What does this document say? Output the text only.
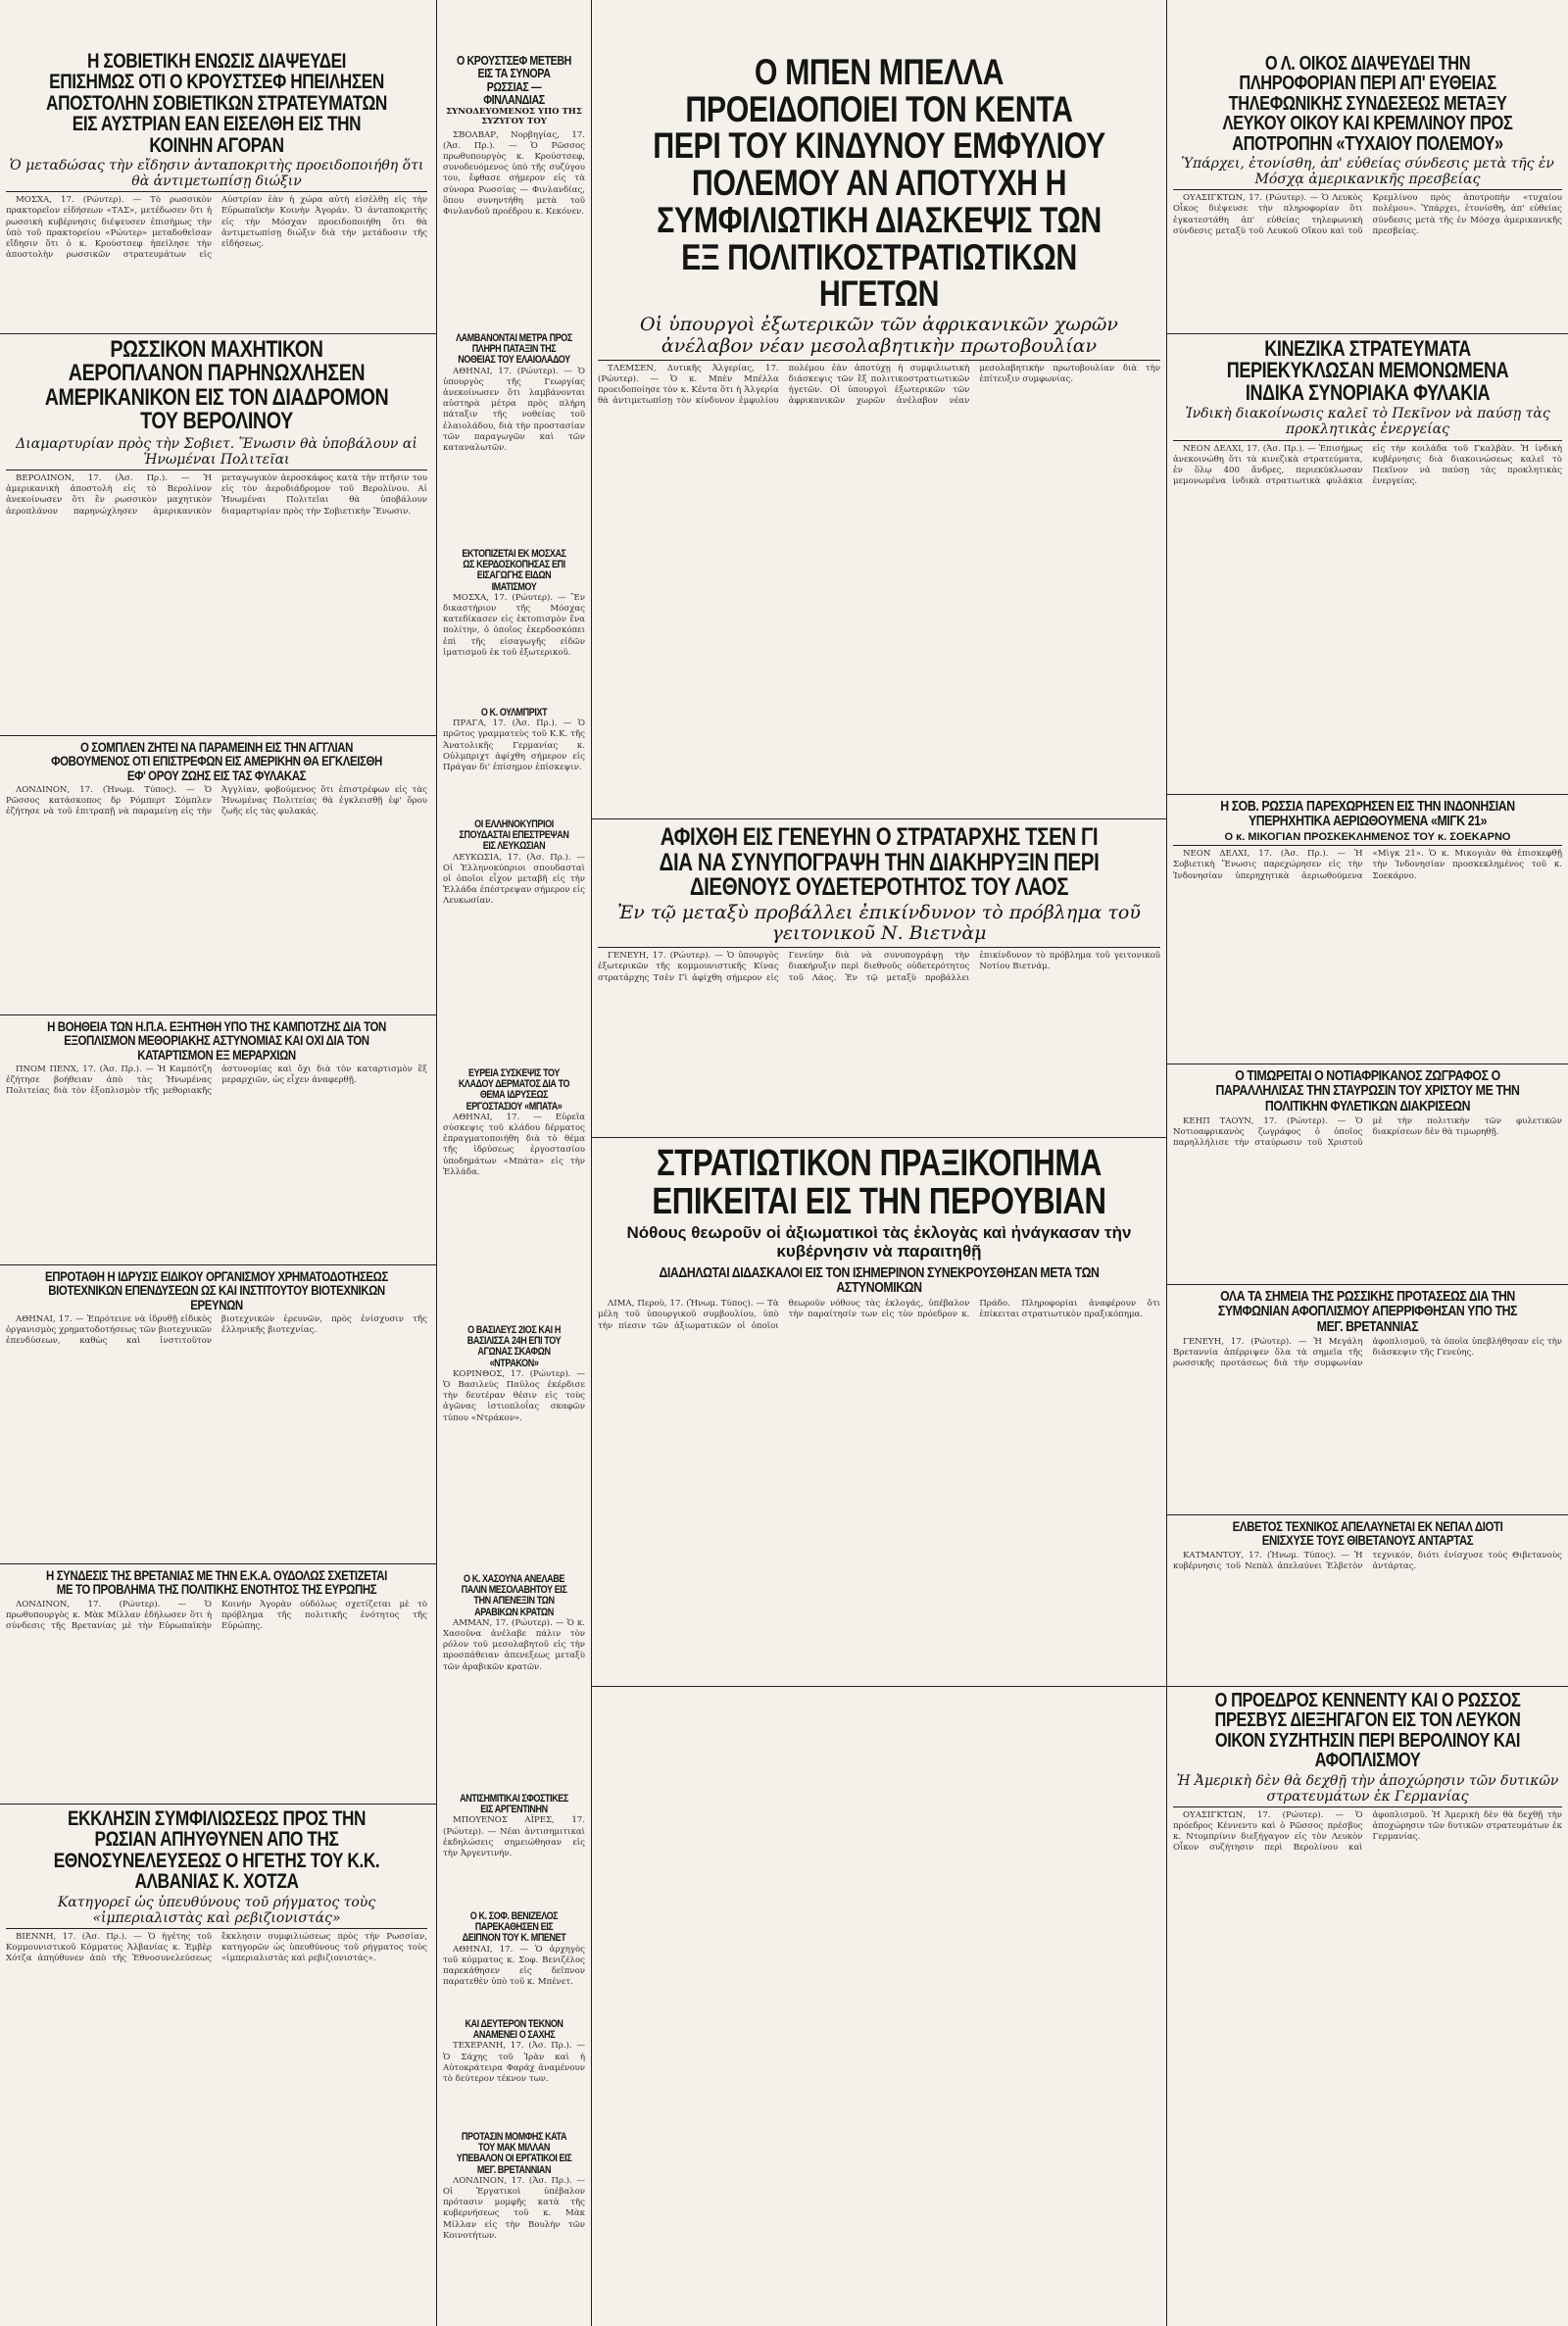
Η ΣΟΒΙΕΤΙΚΗ ΕΝΩΣΙΣ ΔΙΑΨΕΥΔΕΙ ΕΠΙΣΗΜΩΣ ΟΤΙ Ο ΚΡΟΥΣΤΣΕΦ ΗΠΕΙΛΗΣΕΝ ΑΠΟΣΤΟΛΗΝ ΣΟΒΙΕΤΙΚΩΝ ΣΤΡΑΤΕΥΜΑΤΩΝ ΕΙΣ ΑΥΣΤΡΙΑΝ ΕΑΝ ΕΙΣΕΛΘΗ ΕΙΣ ΤΗΝ ΚΟΙΝΗΝ ΑΓΟΡΑΝ
Ὁ μεταδώσας τὴν εἴδησιν ἀνταποκριτὴς προειδοποιήθη ὅτι θὰ ἀντιμετωπίσῃ διώξιν

ΜΟΣΧΑ, 17. (Ρώυτερ). — Τὸ ρωσσικὸν πρακτορεῖον εἰδήσεων «ΤΑΣ», μετέδωσεν ὅτι ἡ ρωσσικὴ κυβέρνησις διέψευσεν ἐπισήμως τὴν ὑπὸ τοῦ πρακτορείου «Ρώυτερ» μεταδοθεῖσαν εἴδησιν ὅτι ὁ κ. Κρούστσεφ ἠπείλησε τὴν ἀποστολὴν ρωσσικῶν στρατευμάτων εἰς Αὐστρίαν ἐὰν ἡ χώρα αὐτὴ εἰσέλθῃ εἰς τὴν Εὐρωπαϊκὴν Κοινὴν Ἀγοράν. Ὁ ἀνταποκριτὴς εἰς τὴν Μόσχαν προειδοποιήθη ὅτι θὰ ἀντιμετωπίσῃ διώξιν διὰ τὴν μετάδοσιν τῆς εἰδήσεως.

Ο ΚΡΟΥΣΤΣΕΦ ΜΕΤΕΒΗ ΕΙΣ ΤΑ ΣΥΝΟΡΑ ΡΩΣΣΙΑΣ — ΦΙΝΛΑΝΔΙΑΣ
ΣΥΝΟΔΕΥΟΜΕΝΟΣ ΥΠΟ ΤΗΣ ΣΥΖΥΓΟΥ ΤΟΥ

ΣΒΟΛΒΑΡ, Νορβηγίας, 17. (Ἀσ. Πρ.). — Ὁ Ρῶσσος πρωθυπουργὸς κ. Κρούστσεφ, συνοδευόμενος ὑπὸ τῆς συζύγου του, ἔφθασε σήμερον εἰς τὰ σύνορα Ρωσσίας — Φινλανδίας, ὅπου συνηντήθη μετὰ τοῦ Φινλανδοῦ προέδρου κ. Κεκόνεν.

ΛΑΜΒΑΝΟΝΤΑΙ ΜΕΤΡΑ ΠΡΟΣ ΠΛΗΡΗ ΠΑΤΑΞΙΝ ΤΗΣ ΝΟΘΕΙΑΣ ΤΟΥ ΕΛΑΙΟΛΑΔΟΥ

ΑΘΗΝΑΙ, 17. (Ρώυτερ). — Ὁ ὑπουργὸς τῆς Γεωργίας ἀνεκοίνωσεν ὅτι λαμβάνονται αὐστηρὰ μέτρα πρὸς πλήρη πάταξιν τῆς νοθείας τοῦ ἐλαιολάδου, διὰ τὴν προστασίαν τῶν παραγωγῶν καὶ τῶν καταναλωτῶν.

ΡΩΣΣΙΚΟΝ ΜΑΧΗΤΙΚΟΝ ΑΕΡΟΠΛΑΝΟΝ ΠΑΡΗΝΩΧΛΗΣΕΝ ΑΜΕΡΙΚΑΝΙΚΟΝ ΕΙΣ ΤΟΝ ΔΙΑΔΡΟΜΟΝ ΤΟΥ ΒΕΡΟΛΙΝΟΥ
Διαμαρτυρίαν πρὸς τὴν Σοβιετ. Ἕνωσιν θὰ ὑποβάλουν αἱ Ἡνωμέναι Πολιτεῖαι

ΒΕΡΟΛΙΝΟΝ, 17. (Ἀσ. Πρ.). — Ἡ ἀμερικανικὴ ἀποστολὴ εἰς τὸ Βερολίνον ἀνεκοίνωσεν ὅτι ἓν ρωσσικὸν μαχητικὸν ἀεροπλάνον παρηνώχλησεν ἀμερικανικὸν μεταγωγικὸν ἀεροσκάφος κατὰ τὴν πτῆσιν του εἰς τὸν ἀεροδιάδρομον τοῦ Βερολίνου. Αἱ Ἡνωμέναι Πολιτεῖαι θὰ ὑποβάλουν διαμαρτυρίαν πρὸς τὴν Σοβιετικὴν Ἕνωσιν.

ΕΚΤΟΠΙΖΕΤΑΙ ΕΚ ΜΟΣΧΑΣ ΩΣ ΚΕΡΔΟΣΚΟΠΗΣΑΣ ΕΠΙ ΕΙΣΑΓΩΓΗΣ ΕΙΔΩΝ ΙΜΑΤΙΣΜΟΥ

ΜΟΣΧΑ, 17. (Ρώυτερ). — Ἓν δικαστήριον τῆς Μόσχας κατεδίκασεν εἰς ἐκτοπισμὸν ἕνα πολίτην, ὁ ὁποῖος ἐκερδοσκόπει ἐπὶ τῆς εἰσαγωγῆς εἰδῶν ἱματισμοῦ ἐκ τοῦ ἐξωτερικοῦ.

Ο Κ. ΟΥΛΜΠΡΙΧΤ

ΠΡΑΓΑ, 17. (Ἀσ. Πρ.). — Ὁ πρῶτος γραμματεὺς τοῦ Κ.Κ. τῆς Ἀνατολικῆς Γερμανίας κ. Οὐλμπριχτ ἀφίχθη σήμερον εἰς Πράγαν δι' ἐπίσημον ἐπίσκεψιν.

ΟΙ ΕΛΛΗΝΟΚΥΠΡΙΟΙ ΣΠΟΥΔΑΣΤΑΙ ΕΠΕΣΤΡΕΨΑΝ ΕΙΣ ΛΕΥΚΩΣΙΑΝ

ΛΕΥΚΩΣΙΑ, 17. (Ἀσ. Πρ.). — Οἱ Ἑλληνοκύπριοι σπουδασταὶ οἱ ὁποῖοι εἶχον μεταβῆ εἰς τὴν Ἑλλάδα ἐπέστρεψαν σήμερον εἰς Λευκωσίαν.

Ο ΣΟΜΠΛΕΝ ΖΗΤΕΙ ΝΑ ΠΑΡΑΜΕΙΝΗ ΕΙΣ ΤΗΝ ΑΓΓΛΙΑΝ ΦΟΒΟΥΜΕΝΟΣ ΟΤΙ ΕΠΙΣΤΡΕΦΩΝ ΕΙΣ ΑΜΕΡΙΚΗΝ ΘΑ ΕΓΚΛΕΙΣΘΗ ΕΦ' ΟΡΟΥ ΖΩΗΣ ΕΙΣ ΤΑΣ ΦΥΛΑΚΑΣ

ΛΟΝΔΙΝΟΝ, 17. (Ἡνωμ. Τύπος). — Ὁ Ρῶσσος κατάσκοπος δρ Ρόμπερτ Σόμπλεν ἐζήτησε νὰ τοῦ ἐπιτραπῇ νὰ παραμείνῃ εἰς τὴν Ἀγγλίαν, φοβούμενος ὅτι ἐπιστρέφων εἰς τὰς Ἡνωμένας Πολιτείας θὰ ἐγκλεισθῇ ἐφ' ὅρου ζωῆς εἰς τὰς φυλακάς.

ΕΥΡΕΙΑ ΣΥΣΚΕΨΙΣ ΤΟΥ ΚΛΑΔΟΥ ΔΕΡΜΑΤΟΣ ΔΙΑ ΤΟ ΘΕΜΑ ΙΔΡΥΣΕΩΣ ΕΡΓΟΣΤΑΣΙΟΥ «ΜΠΑΤΑ»

ΑΘΗΝΑΙ, 17. — Εὐρεῖα σύσκεψις τοῦ κλάδου δέρματος ἐπραγματοποιήθη διὰ τὸ θέμα τῆς ἱδρύσεως ἐργοστασίου ὑποδημάτων «Μπάτα» εἰς τὴν Ἑλλάδα.

Η ΒΟΗΘΕΙΑ ΤΩΝ Η.Π.Α. ΕΞΗΤΗΘΗ ΥΠΟ ΤΗΣ ΚΑΜΠΟΤΖΗΣ ΔΙΑ ΤΟΝ ΕΞΟΠΛΙΣΜΟΝ ΜΕΘΟΡΙΑΚΗΣ ΑΣΤΥΝΟΜΙΑΣ ΚΑΙ ΟΧΙ ΔΙΑ ΤΟΝ ΚΑΤΑΡΤΙΣΜΟΝ ΕΞ ΜΕΡΑΡΧΙΩΝ

ΠΝΟΜ ΠΕΝΧ, 17. (Ἀσ. Πρ.). — Ἡ Καμπότζη ἐζήτησε βοήθειαν ἀπὸ τὰς Ἡνωμένας Πολιτείας διὰ τὸν ἐξοπλισμὸν τῆς μεθοριακῆς ἀστυνομίας καὶ ὄχι διὰ τὸν καταρτισμὸν ἓξ μεραρχιῶν, ὡς εἶχεν ἀναφερθῇ.

Ο ΒΑΣΙΛΕΥΣ 2ΙΟΣ ΚΑΙ Η ΒΑΣΙΛΙΣΣΑ 24Η ΕΠΙ ΤΟΥ ΑΓΩΝΑΣ ΣΚΑΦΩΝ «ΝΤΡΑΚΟΝ»

ΚΟΡΙΝΘΟΣ, 17. (Ρώυτερ). — Ὁ Βασιλεὺς Παῦλος ἐκέρδισε τὴν δευτέραν θέσιν εἰς τοὺς ἀγῶνας ἱστιοπλοΐας σκαφῶν τύπου «Ντράκον».

ΕΠΡΟΤΑΘΗ Η ΙΔΡΥΣΙΣ ΕΙΔΙΚΟΥ ΟΡΓΑΝΙΣΜΟΥ ΧΡΗΜΑΤΟΔΟΤΗΣΕΩΣ ΒΙΟΤΕΧΝΙΚΩΝ ΕΠΕΝΔΥΣΕΩΝ ΩΣ ΚΑΙ ΙΝΣΤΙΤΟΥΤΟΥ ΒΙΟΤΕΧΝΙΚΩΝ ΕΡΕΥΝΩΝ

ΑΘΗΝΑΙ, 17. — Ἐπρότεινε νὰ ἱδρυθῇ εἰδικὸς ὀργανισμὸς χρηματοδοτήσεως τῶν βιοτεχνικῶν ἐπενδύσεων, καθὼς καὶ ἰνστιτοῦτον βιοτεχνικῶν ἐρευνῶν, πρὸς ἐνίσχυσιν τῆς ἑλληνικῆς βιοτεχνίας.

Ο Κ. ΧΑΣΟΥΝΑ ΑΝΕΛΑΒΕ ΠΑΛΙΝ ΜΕΣΟΛΑΒΗΤΟΥ ΕΙΣ ΤΗΝ ΑΠΕΝΕΞΙΝ ΤΩΝ ΑΡΑΒΙΚΩΝ ΚΡΑΤΩΝ

ΑΜΜΑΝ, 17. (Ρώυτερ). — Ὁ κ. Χασοῦνα ἀνέλαβε πάλιν τὸν ρόλον τοῦ μεσολαβητοῦ εἰς τὴν προσπάθειαν ἀπενεξεως μεταξὺ τῶν ἀραβικῶν κρατῶν.

Η ΣΥΝΔΕΣΙΣ ΤΗΣ ΒΡΕΤΑΝΙΑΣ ΜΕ ΤΗΝ Ε.Κ.Α. ΟΥΔΟΛΩΣ ΣΧΕΤΙΖΕΤΑΙ ΜΕ ΤΟ ΠΡΟΒΛΗΜΑ ΤΗΣ ΠΟΛΙΤΙΚΗΣ ΕΝΟΤΗΤΟΣ ΤΗΣ ΕΥΡΩΠΗΣ

ΛΟΝΔΙΝΟΝ, 17. (Ρώυτερ). — Ὁ πρωθυπουργὸς κ. Μὰκ Μίλλαν ἐδήλωσεν ὅτι ἡ σύνδεσις τῆς Βρετανίας μὲ τὴν Εὐρωπαϊκὴν Κοινὴν Ἀγορὰν οὐδόλως σχετίζεται μὲ τὸ πρόβλημα τῆς πολιτικῆς ἑνότητος τῆς Εὐρώπης.

ΑΝΤΙΣΗΜΙΤΙΚΑΙ ΣΦΟΣΤΙΚΕΣ ΕΙΣ ΑΡΓΕΝΤΙΝΗΝ

ΜΠΟΥΕΝΟΣ ΑΪΡΕΣ, 17. (Ρώυτερ). — Νέαι ἀντισημιτικαὶ ἐκδηλώσεις σημειώθησαν εἰς τὴν Ἀργεντινήν.

Ο Κ. ΣΟΦ. ΒΕΝΙΖΕΛΟΣ ΠΑΡΕΚΑΘΗΣΕΝ ΕΙΣ ΔΕΙΠΝΟΝ ΤΟΥ Κ. ΜΠΕΝΕΤ

ΑΘΗΝΑΙ, 17. — Ὁ ἀρχηγὸς τοῦ κόμματος κ. Σοφ. Βενιζέλος παρεκάθησεν εἰς δεῖπνον παρατεθὲν ὑπὸ τοῦ κ. Μπένετ.

ΚΑΙ ΔΕΥΤΕΡΟΝ ΤΕΚΝΟΝ ΑΝΑΜΕΝΕΙ Ο ΣΑΧΗΣ

ΤΕΧΕΡΑΝΗ, 17. (Ἀσ. Πρ.). — Ὁ Σάχης τοῦ Ἰρὰν καὶ ἡ Αὐτοκράτειρα Φαράχ ἀναμένουν τὸ δεύτερον τέκνον των.

ΕΚΚΛΗΣΙΝ ΣΥΜΦΙΛΙΩΣΕΩΣ ΠΡΟΣ ΤΗΝ ΡΩΣΙΑΝ ΑΠΗΥΘΥΝΕΝ ΑΠΟ ΤΗΣ ΕΘΝΟΣΥΝΕΛΕΥΣΕΩΣ Ο ΗΓΕΤΗΣ ΤΟΥ Κ.Κ. ΑΛΒΑΝΙΑΣ Κ. ΧΟΤΖΑ
Κατηγορεῖ ὡς ὑπευθύνους τοῦ ρήγματος τοὺς «ἰμπεριαλιστὰς καὶ ρεβιζιονιστάς»

ΒΙΕΝΝΗ, 17. (Ἀσ. Πρ.). — Ὁ ἡγέτης τοῦ Κομμουνιστικοῦ Κόμματος Ἀλβανίας κ. Ἐμβὲρ Χότζα ἀπηύθυνεν ἀπὸ τῆς Ἐθνοσυνελεύσεως ἔκκλησιν συμφιλιώσεως πρὸς τὴν Ρωσσίαν, κατηγορῶν ὡς ὑπευθύνους τοῦ ρήγματος τοὺς «ἰμπεριαλιστὰς καὶ ρεβιζιονιστάς».

ΠΡΟΤΑΣΙΝ ΜΟΜΦΗΣ ΚΑΤΑ ΤΟΥ ΜΑΚ ΜΙΛΛΑΝ ΥΠΕΒΑΛΟΝ ΟΙ ΕΡΓΑΤΙΚΟΙ ΕΙΣ ΜΕΓ. ΒΡΕΤΑΝΝΙΑΝ

ΛΟΝΔΙΝΟΝ, 17. (Ἀσ. Πρ.). — Οἱ Ἐργατικοὶ ὑπέβαλον πρότασιν μομφῆς κατὰ τῆς κυβερνήσεως τοῦ κ. Μὰκ Μίλλαν εἰς τὴν Βουλὴν τῶν Κοινοτήτων.

Ο ΜΠΕΝ ΜΠΕΛΛΑ ΠΡΟΕΙΔΟΠΟΙΕΙ ΤΟΝ ΚΕΝΤΑ ΠΕΡΙ ΤΟΥ ΚΙΝΔΥΝΟΥ ΕΜΦΥΛΙΟΥ ΠΟΛΕΜΟΥ ΑΝ ΑΠΟΤΥΧΗ Η ΣΥΜΦΙΛΙΩΤΙΚΗ ΔΙΑΣΚΕΨΙΣ ΤΩΝ ΕΞ ΠΟΛΙΤΙΚΟΣΤΡΑΤΙΩΤΙΚΩΝ ΗΓΕΤΩΝ
Οἱ ὑπουργοὶ ἐξωτερικῶν τῶν ἀφρικανικῶν χωρῶν ἀνέλαβον νέαν μεσολαβητικὴν πρωτοβουλίαν

ΤΛΕΜΣΕΝ, Δυτικῆς Ἀλγερίας, 17. (Ρώυτερ). — Ὁ κ. Μπὲν Μπέλλα προειδοποίησε τὸν κ. Κέντα ὅτι ἡ Ἀλγερία θὰ ἀντιμετωπίσῃ τὸν κίνδυνον ἐμφυλίου πολέμου ἐὰν ἀποτύχῃ ἡ συμφιλιωτικὴ διάσκεψις τῶν ἓξ πολιτικοστρατιωτικῶν ἡγετῶν. Οἱ ὑπουργοὶ ἐξωτερικῶν τῶν ἀφρικανικῶν χωρῶν ἀνέλαβον νέαν μεσολαβητικὴν πρωτοβουλίαν διὰ τὴν ἐπίτευξιν συμφωνίας.

Ο Λ. ΟΙΚΟΣ ΔΙΑΨΕΥΔΕΙ ΤΗΝ ΠΛΗΡΟΦΟΡΙΑΝ ΠΕΡΙ ΑΠ' ΕΥΘΕΙΑΣ ΤΗΛΕΦΩΝΙΚΗΣ ΣΥΝΔΕΣΕΩΣ ΜΕΤΑΞΥ ΛΕΥΚΟΥ ΟΙΚΟΥ ΚΑΙ ΚΡΕΜΛΙΝΟΥ ΠΡΟΣ ΑΠΟΤΡΟΠΗΝ «ΤΥΧΑΙΟΥ ΠΟΛΕΜΟΥ»
Ὑπάρχει, ἐτονίσθη, ἀπ' εὐθείας σύνδεσις μετὰ τῆς ἐν Μόσχᾳ ἀμερικανικῆς πρεσβείας

ΟΥΑΣΙΓΚΤΩΝ, 17. (Ρώυτερ). — Ὁ Λευκὸς Οἶκος διέψευσε τὴν πληροφορίαν ὅτι ἐγκατεστάθη ἀπ' εὐθείας τηλεφωνικὴ σύνδεσις μεταξὺ τοῦ Λευκοῦ Οἴκου καὶ τοῦ Κρεμλίνου πρὸς ἀποτροπὴν «τυχαίου πολέμου». Ὑπάρχει, ἐτονίσθη, ἀπ' εὐθείας σύνδεσις μετὰ τῆς ἐν Μόσχᾳ ἀμερικανικῆς πρεσβείας.

ΚΙΝΕΖΙΚΑ ΣΤΡΑΤΕΥΜΑΤΑ ΠΕΡΙΕΚΥΚΛΩΣΑΝ ΜΕΜΟΝΩΜΕΝΑ ΙΝΔΙΚΑ ΣΥΝΟΡΙΑΚΑ ΦΥΛΑΚΙΑ
Ἰνδικὴ διακοίνωσις καλεῖ τὸ Πεκῖνον νὰ παύσῃ τὰς προκλητικὰς ἐνεργείας

ΝΕΟΝ ΔΕΛΧΙ, 17. (Ἀσ. Πρ.). — Ἐπισήμως ἀνεκοινώθη ὅτι τὰ κινεζικὰ στρατεύματα, ἐν ὅλῳ 400 ἄνδρες, περιεκύκλωσαν μεμονωμένα ἰνδικὰ στρατιωτικὰ φυλάκια εἰς τὴν κοιλάδα τοῦ Γκαλβὰν. Ἡ ἰνδικὴ κυβέρνησις διὰ διακοινώσεως καλεῖ τὸ Πεκῖνον νὰ παύσῃ τὰς προκλητικὰς ἐνεργείας.

Η ΣΟΒ. ΡΩΣΣΙΑ ΠΑΡΕΧΩΡΗΣΕΝ ΕΙΣ ΤΗΝ ΙΝΔΟΝΗΣΙΑΝ ΥΠΕΡΗΧΗΤΙΚΑ ΑΕΡΙΩΘΟΥΜΕΝΑ «ΜΙΓΚ 21»
Ο κ. ΜΙΚΟΓΙΑΝ ΠΡΟΣΚΕΚΛΗΜΕΝΟΣ ΤΟΥ κ. ΣΟΕΚΑΡΝΟ

ΝΕΟΝ ΔΕΛΧΙ, 17. (Ἀσ. Πρ.). — Ἡ Σοβιετικὴ Ἕνωσις παρεχώρησεν εἰς τὴν Ἰνδονησίαν ὑπερηχητικὰ ἀεριωθούμενα «Μὶγκ 21». Ὁ κ. Μικογιὰν θὰ ἐπισκεφθῇ τὴν Ἰνδονησίαν προσκεκλημένος τοῦ κ. Σοεκάρνο.

ΑΦΙΧΘΗ ΕΙΣ ΓΕΝΕΥΗΝ Ο ΣΤΡΑΤΑΡΧΗΣ ΤΣΕΝ ΓΙ ΔΙΑ ΝΑ ΣΥΝΥΠΟΓΡΑΨΗ ΤΗΝ ΔΙΑΚΗΡΥΞΙΝ ΠΕΡΙ ΔΙΕΘΝΟΥΣ ΟΥΔΕΤΕΡΟΤΗΤΟΣ ΤΟΥ ΛΑΟΣ
Ἐν τῷ μεταξὺ προβάλλει ἐπικίνδυνον τὸ πρόβλημα τοῦ γειτονικοῦ Ν. Βιετνὰμ

ΓΕΝΕΥΗ, 17. (Ρώυτερ). — Ὁ ὑπουργὸς ἐξωτερικῶν τῆς κομμουνιστικῆς Κίνας στρατάρχης Τσὲν Γὶ ἀφίχθη σήμερον εἰς Γενεύην διὰ νὰ συνυπογράψῃ τὴν διακήρυξιν περὶ διεθνοῦς οὐδετερότητος τοῦ Λάος. Ἐν τῷ μεταξὺ προβάλλει ἐπικίνδυνον τὸ πρόβλημα τοῦ γειτονικοῦ Νοτίου Βιετνάμ.

ΣΤΡΑΤΙΩΤΙΚΟΝ ΠΡΑΞΙΚΟΠΗΜΑ ΕΠΙΚΕΙΤΑΙ ΕΙΣ ΤΗΝ ΠΕΡΟΥΒΙΑΝ
Νόθους θεωροῦν οἱ ἀξιωματικοὶ τὰς ἐκλογὰς καὶ ἠνάγκασαν τὴν κυβέρνησιν νὰ παραιτηθῇ
ΔΙΑΔΗΛΩΤΑΙ ΔΙΔΑΣΚΑΛΟΙ ΕΙΣ ΤΟΝ ΙΣΗΜΕΡΙΝΟΝ ΣΥΝΕΚΡΟΥΣΘΗΣΑΝ ΜΕΤΑ ΤΩΝ ΑΣΤΥΝΟΜΙΚΩΝ

ΛΙΜΑ, Περοὺ, 17. (Ἡνωμ. Τύπος). — Τὰ μέλη τοῦ ὑπουργικοῦ συμβουλίου, ὑπὸ τὴν πίεσιν τῶν ἀξιωματικῶν οἱ ὁποῖοι θεωροῦν νόθους τὰς ἐκλογάς, ὑπέβαλον τὴν παραίτησίν των εἰς τὸν πρόεδρον κ. Πράδο. Πληροφορίαι ἀναφέρουν ὅτι ἐπίκειται στρατιωτικὸν πραξικόπημα.

Ο ΠΡΟΕΔΡΟΣ ΚΕΝΝΕΝΤΥ ΚΑΙ Ο ΡΩΣΣΟΣ ΠΡΕΣΒΥΣ ΔΙΕΞΗΓΑΓΟΝ ΕΙΣ ΤΟΝ ΛΕΥΚΟΝ ΟΙΚΟΝ ΣΥΖΗΤΗΣΙΝ ΠΕΡΙ ΒΕΡΟΛΙΝΟΥ ΚΑΙ ΑΦΟΠΛΙΣΜΟΥ
Ἡ Ἀμερικὴ δὲν θὰ δεχθῇ τὴν ἀποχώρησιν τῶν δυτικῶν στρατευμάτων ἐκ Γερμανίας

ΟΥΑΣΙΓΚΤΩΝ, 17. (Ρώυτερ). — Ὁ πρόεδρος Κέννεντυ καὶ ὁ Ρῶσσος πρέσβυς κ. Ντομπρίνιν διεξήγαγον εἰς τὸν Λευκὸν Οἶκον συζήτησιν περὶ Βερολίνου καὶ ἀφοπλισμοῦ. Ἡ Ἀμερικὴ δὲν θὰ δεχθῇ τὴν ἀποχώρησιν τῶν δυτικῶν στρατευμάτων ἐκ Γερμανίας.

Ο ΤΙΜΩΡΕΙΤΑΙ Ο ΝΟΤΙΑΦΡΙΚΑΝΟΣ ΖΩΓΡΑΦΟΣ Ο ΠΑΡΑΛΛΗΛΙΣΑΣ ΤΗΝ ΣΤΑΥΡΩΣΙΝ ΤΟΥ ΧΡΙΣΤΟΥ ΜΕ ΤΗΝ ΠΟΛΙΤΙΚΗΝ ΦΥΛΕΤΙΚΩΝ ΔΙΑΚΡΙΣΕΩΝ

ΚΕΗΠ ΤΑΟΥΝ, 17. (Ρώυτερ). — Ὁ Νοτιοαφρικανὸς ζωγράφος ὁ ὁποῖος παρηλλήλισε τὴν σταύρωσιν τοῦ Χριστοῦ μὲ τὴν πολιτικὴν τῶν φυλετικῶν διακρίσεων δὲν θὰ τιμωρηθῇ.

ΟΛΑ ΤΑ ΣΗΜΕΙΑ ΤΗΣ ΡΩΣΣΙΚΗΣ ΠΡΟΤΑΣΕΩΣ ΔΙΑ ΤΗΝ ΣΥΜΦΩΝΙΑΝ ΑΦΟΠΛΙΣΜΟΥ ΑΠΕΡΡΙΦΘΗΣΑΝ ΥΠΟ ΤΗΣ ΜΕΓ. ΒΡΕΤΑΝΝΙΑΣ

ΓΕΝΕΥΗ, 17. (Ρώυτερ). — Ἡ Μεγάλη Βρεταννία ἀπέρριψεν ὅλα τὰ σημεῖα τῆς ρωσσικῆς προτάσεως διὰ τὴν συμφωνίαν ἀφοπλισμοῦ, τὰ ὁποῖα ὑπεβλήθησαν εἰς τὴν διάσκεψιν τῆς Γενεύης.

ΕΛΒΕΤΟΣ ΤΕΧΝΙΚΟΣ ΑΠΕΛΑΥΝΕΤΑΙ ΕΚ ΝΕΠΑΛ ΔΙΟΤΙ ΕΝΙΣΧΥΣΕ ΤΟΥΣ ΘΙΒΕΤΑΝΟΥΣ ΑΝΤΑΡΤΑΣ

ΚΑΤΜΑΝΤΟΥ, 17. (Ἡνωμ. Τύπος). — Ἡ κυβέρνησις τοῦ Νεπὰλ ἀπελαύνει Ἑλβετὸν τεχνικόν, διότι ἐνίσχυσε τοὺς Θιβετανοὺς ἀντάρτας.
